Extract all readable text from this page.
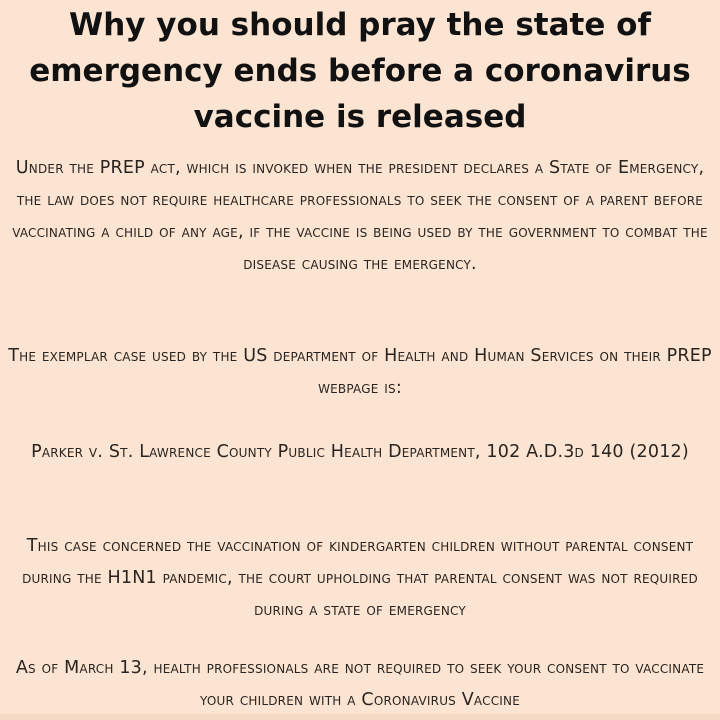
Why you should pray the state of emergency ends before a coronavirus vaccine is released

Under the PREP act, which is invoked when the president declares a State of Emergency, the law does not require healthcare professionals to seek the consent of a parent before vaccinating a child of any age, if the vaccine is being used by the government to combat the disease causing the emergency.

The exemplar case used by the US department of Health and Human Services on their PREP webpage is:

Parker v. St. Lawrence County Public Health Department, 102 A.D.3d 140 (2012)

This case concerned the vaccination of kindergarten children without parental consent during the H1N1 pandemic, the court upholding that parental consent was not required during a state of emergency

As of March 13, health professionals are not required to seek your consent to vaccinate your children with a Coronavirus Vaccine
